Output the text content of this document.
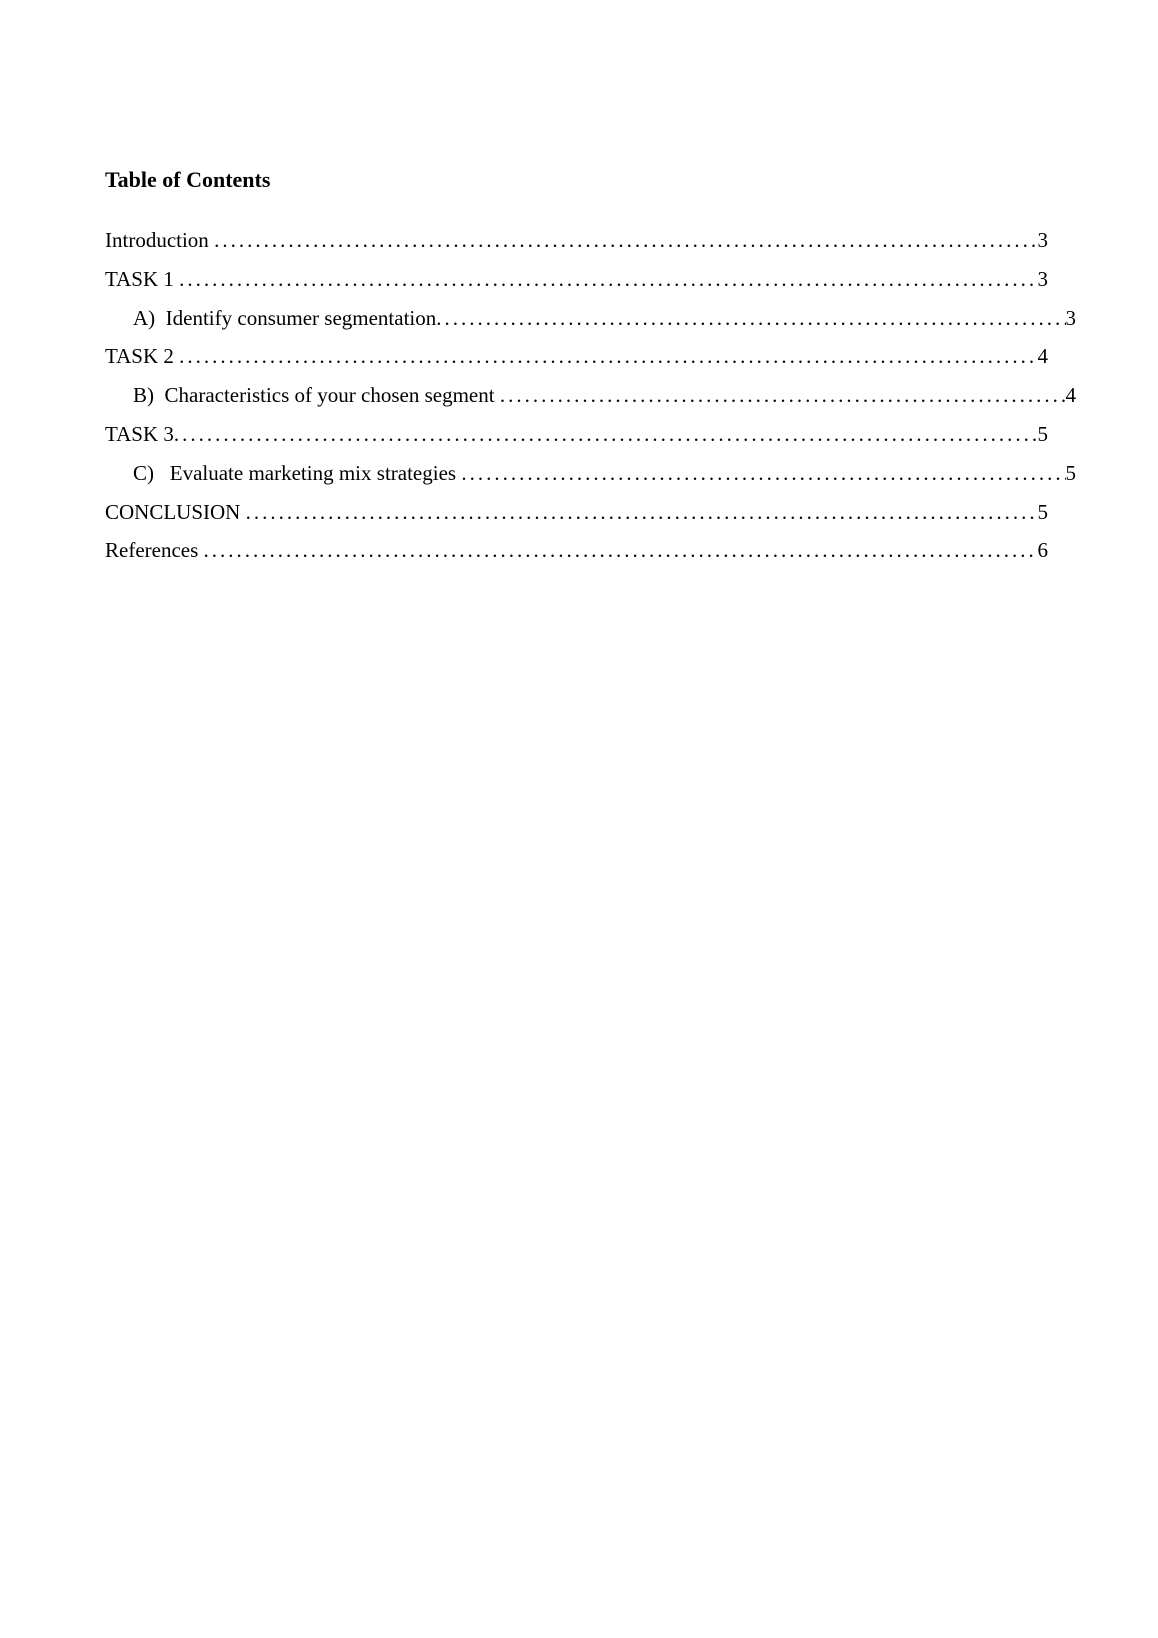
Table of Contents
Introduction .....	3
TASK 1 .....	3
A)  Identify consumer segmentation .....	3
TASK 2 .....	4
B)  Characteristics of your chosen segment .....	4
TASK 3 .....	5
C)   Evaluate marketing mix strategies .....	5
CONCLUSION .....	5
References .....	6
